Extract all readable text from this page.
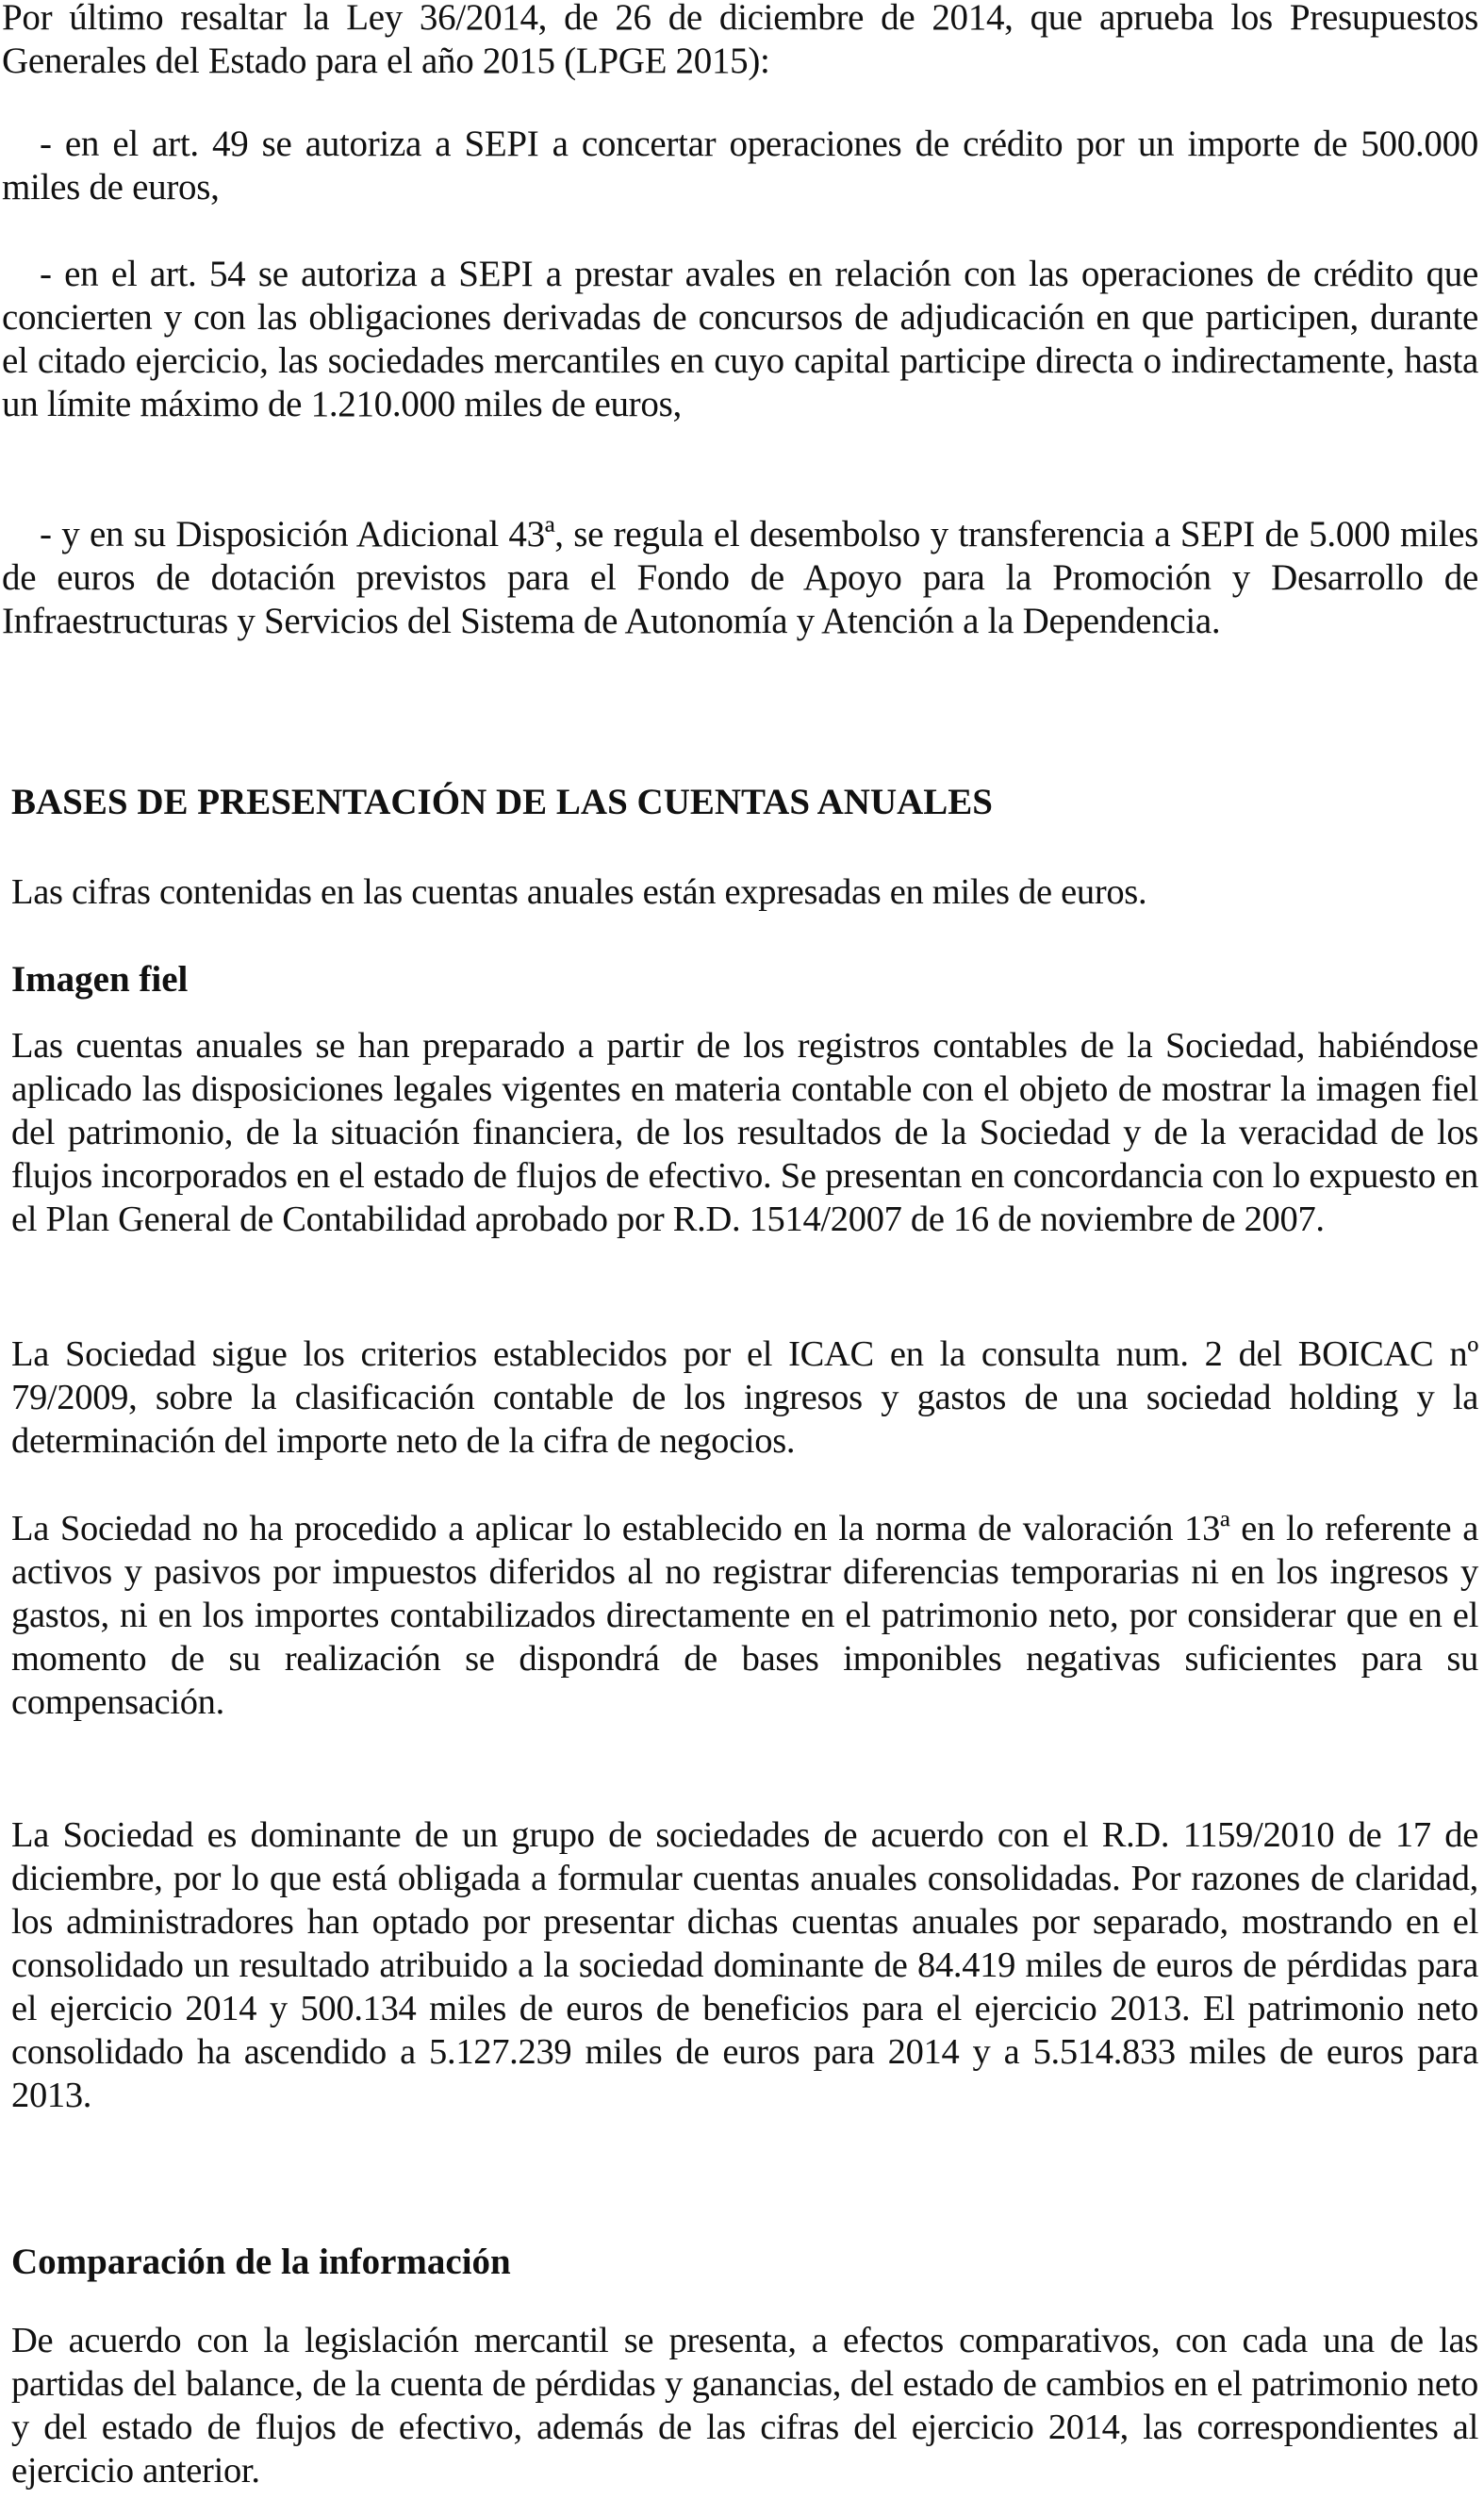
Por último resaltar la Ley 36/2014, de 26 de diciembre de 2014, que aprueba los Presupuestos Generales del Estado para el año 2015 (LPGE 2015):

- en el art. 49 se autoriza a SEPI a concertar operaciones de crédito por un importe de 500.000 miles de euros,

- en el art. 54 se autoriza a SEPI a prestar avales en relación con las operaciones de crédito que concierten y con las obligaciones derivadas de concursos de adjudicación en que participen, durante el citado ejercicio, las sociedades mercantiles en cuyo capital participe directa o indirectamente, hasta un límite máximo de 1.210.000 miles de euros,

- y en su Disposición Adicional 43ª, se regula el desembolso y transferencia a SEPI de 5.000 miles de euros de dotación previstos para el Fondo de Apoyo para la Promoción y Desarrollo de Infraestructuras y Servicios del Sistema de Autonomía y Atención a la Dependencia.

BASES DE PRESENTACIÓN DE LAS CUENTAS ANUALES

Las cifras contenidas en las cuentas anuales están expresadas en miles de euros.

Imagen fiel

Las cuentas anuales se han preparado a partir de los registros contables de la Sociedad, habiéndose aplicado las disposiciones legales vigentes en materia contable con el objeto de mostrar la imagen fiel del patrimonio, de la situación financiera, de los resultados de la Sociedad y de la veracidad de los flujos incorporados en el estado de flujos de efectivo. Se presentan en concordancia con lo expuesto en el Plan General de Contabilidad aprobado por R.D. 1514/2007 de 16 de noviembre de 2007.

La Sociedad sigue los criterios establecidos por el ICAC en la consulta num. 2 del BOICAC nº 79/2009, sobre la clasificación contable de los ingresos y gastos de una sociedad holding y la determinación del importe neto de la cifra de negocios.

La Sociedad no ha procedido a aplicar lo establecido en la norma de valoración 13ª en lo referente a activos y pasivos por impuestos diferidos al no registrar diferencias temporarias ni en los ingresos y gastos, ni en los importes contabilizados directamente en el patrimonio neto, por considerar que en el momento de su realización se dispondrá de bases imponibles negativas suficientes para su compensación.

La Sociedad es dominante de un grupo de sociedades de acuerdo con el R.D. 1159/2010 de 17 de diciembre, por lo que está obligada a formular cuentas anuales consolidadas. Por razones de claridad, los administradores han optado por presentar dichas cuentas anuales por separado, mostrando en el consolidado un resultado atribuido a la sociedad dominante de 84.419 miles de euros de pérdidas para el ejercicio 2014 y 500.134 miles de euros de beneficios para el ejercicio 2013. El patrimonio neto consolidado ha ascendido a 5.127.239 miles de euros para 2014 y a 5.514.833 miles de euros para 2013.

Comparación de la información

De acuerdo con la legislación mercantil se presenta, a efectos comparativos, con cada una de las partidas del balance, de la cuenta de pérdidas y ganancias, del estado de cambios en el patrimonio neto y del estado de flujos de efectivo, además de las cifras del ejercicio 2014, las correspondientes al ejercicio anterior.
